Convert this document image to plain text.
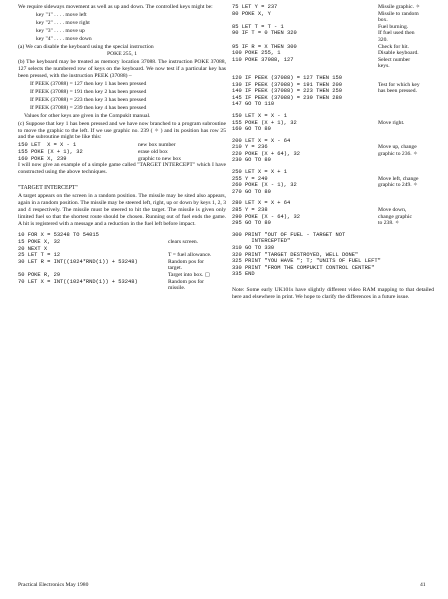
We require sideways movement as well as up and down. The controlled keys might be:

key "1" . . . . move left

key "2" . . . . move right

key "3" . . . . move up

key "4" . . . . move down

(a) We can disable the keyboard using the special instruction

POKE 255, 1

(b) The keyboard may be treated as memory location 37088. The instruction POKE 37088, 127 selects the numbered row of keys on the keyboard. We now test if a particular key has been pressed, with the instruction PEEK (37088) –

If PEEK (37088) = 127 then key 1 has been pressed

If PEEK (37088) = 191 then key 2 has been pressed

If PEEK (37088) = 223 then key 3 has been pressed

If PEEK (37088) = 239 then key 4 has been pressed

Values for other keys are given in the Compukit manual.

(c) Suppose that key 1 has been pressed and we have now branched to a program subroutine to move the graphic to the left. If we use graphic no. 239 ( ✧ ) and its position has row 25 and the subroutine might be like this:

150 LET  X = X - 1	new box number
155 POKE (X + 1), 32	erase old box
160 POKE X, 239	graphic to new box

I will now give an example of a simple game called "TARGET INTERCEPT" which I have constructed using the above techniques.

"TARGET INTERCEPT"

A target appears on the screen in a random position. The missile may be sited also appears, again in a random position. The missile may be steered left, right, up or down by keys 1, 2, 3 and 4 respectively. The missile must be steered to hit the target. The missile is given only limited fuel so that the shortest route should be chosen. Running out of fuel ends the game. A hit is registered with a message and a reduction in the fuel left before impact.

10 FOR X = 53248 TO 54015
15 POKE X, 32	clears screen.
20 NEXT X
25 LET T = 12	T = fuel allowance.
30 LET R = INT((1024*RND(1)) + 53248)	Random pos for
target.
50 POKE R, 29	Target into box. ▢
70 LET X = INT((1024*RND(1)) + 53248)	Random pos for
missile.
75 LET Y = 237	Missile graphic. ✧
80 POKE X, Y	Missile to random
box.
85 LET T = T - 1	Fuel burning.
90 IF T = 0 THEN 320	If fuel used then
320.
95 IF R = X THEN 300	Check for hit.
100 POKE 255, 1	Disable keyboard.
110 POKE 37088, 127	Select number
keys.
120 IF PEEK (37088) = 127 THEN 150
130 IF PEEK (37088) = 191 THEN 200	Test for which key
140 IF PEEK (37088) = 223 THEN 250	has been pressed.
145 IF PEEK (37088) = 239 THEN 280
147 GO TO 110
150 LET X = X - 1
155 POKE (X + 1), 32	Move right.
160 GO TO 80
200 LET X = X - 64
210 Y = 236	Move up, change
220 POKE (X + 64), 32	graphic to 236. ✧
230 GO TO 80
250 LET X = X + 1
255 Y = 249	Move left, change
260 POKE (X - 1), 32	graphic to 249. ✧
270 GO TO 80
280 LET X = X + 64
285 Y = 238	Move down,
290 POKE (X - 64), 32	change graphic
295 GO TO 80	to 238. ✧
300 PRINT "OUT OF FUEL - TARGET NOT
INTERCEPTED"
310 GO TO 330
320 PRINT "TARGET DESTROYED, WELL DONE"
325 PRINT "YOU HAVE "; T; "UNITS OF FUEL LEFT"
330 PRINT "FROM THE COMPUKIT CONTROL CENTRE"
335 END

Note: Some early UK101s have slightly different video RAM mapping to that detailed here and elsewhere in print. We hope to clarify the differences in a future issue.

Practical Electronics May 1980	41
